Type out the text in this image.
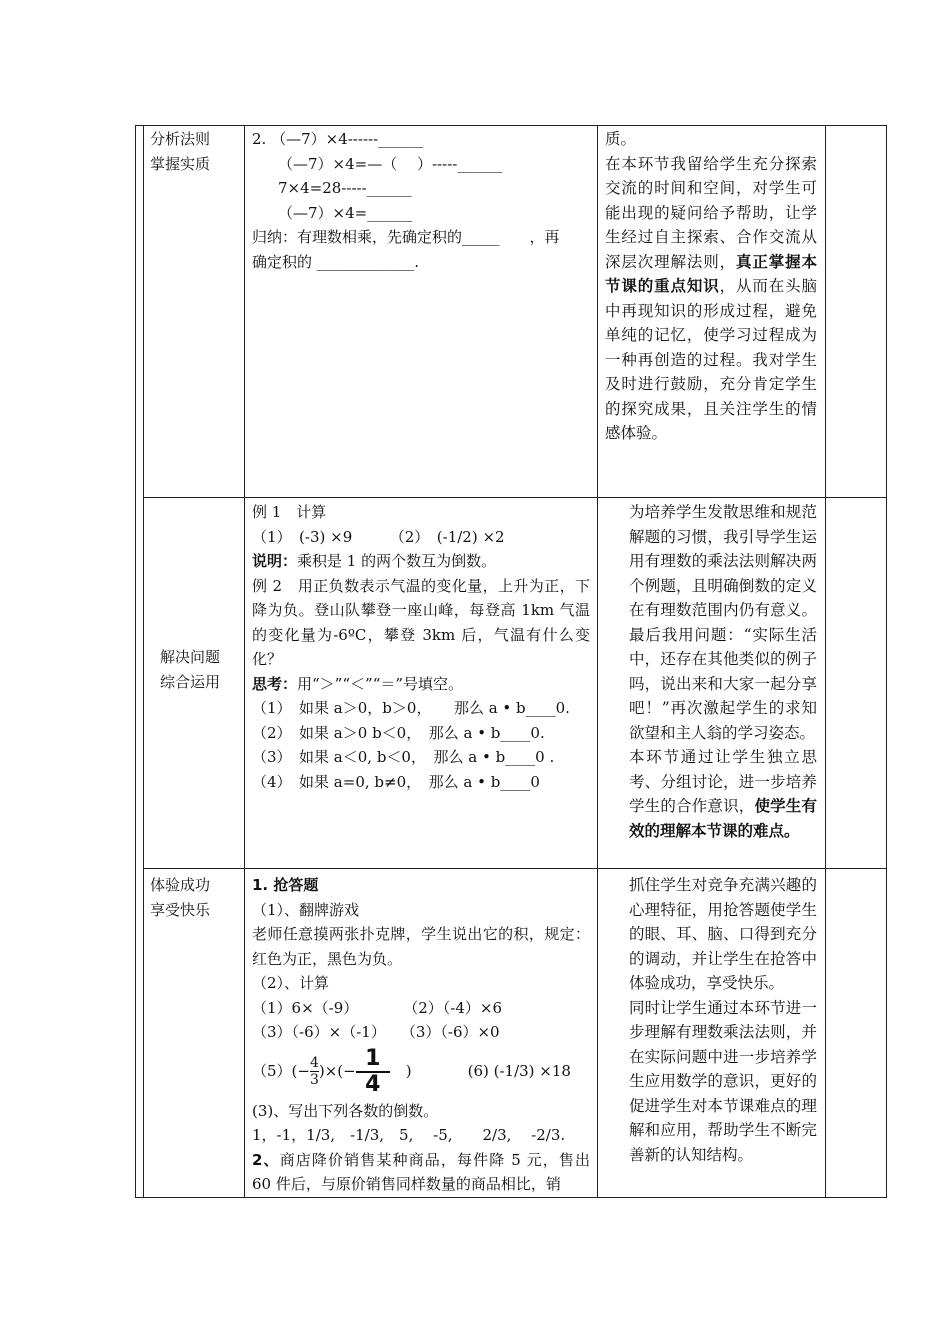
分析法则
掌握实质
2. （—7）×4------______
（—7）×4=—（　 ）-----______
7×4=28-----______
（—7）×4=______
归纳：有理数相乘，先确定积的_____　　，再
确定积的 _____________.
质。
在本环节我留给学生充分探索交流的时间和空间，对学生可能出现的疑问给予帮助，让学生经过自主探索、合作交流从深层次理解法则，真正掌握本节课的重点知识，从而在头脑中再现知识的形成过程，避免单纯的记忆，使学习过程成为一种再创造的过程。我对学生及时进行鼓励，充分肯定学生的探究成果，且关注学生的情感体验。
解决问题
综合运用
例 1　计算
（1）　(-3) ×9　　　（2）　(-1/2) ×2
说明：乘积是 1 的两个数互为倒数。
例 2　用正负数表示气温的变化量，上升为正，下降为负。登山队攀登一座山峰，每登高 1km 气温的变化量为-6ºC，攀登 3km 后，气温有什么变化？
思考：用“＞”“＜”“＝”号填空。
（1）　如果 a＞0，b＞0，　　那么 a • b____0.
（2）　如果 a＞0 b＜0，　那么 a • b____0.
（3）　如果 a＜0, b＜0，　那么 a • b____0 .
（4）　如果 a=0, b≠0，　那么 a • b____0
为培养学生发散思维和规范解题的习惯，我引导学生运用有理数的乘法法则解决两个例题，且明确倒数的定义在有理数范围内仍有意义。最后我用问题：“实际生活中，还存在其他类似的例子吗，说出来和大家一起分享吧！”再次激起学生的求知欲望和主人翁的学习姿态。
本环节通过让学生独立思考、分组讨论，进一步培养学生的合作意识，使学生有效的理解本节课的难点。
体验成功
享受快乐
1. 抢答题
（1）、翻牌游戏
老师任意摸两张扑克牌，学生说出它的积，规定：红色为正，黑色为负。
（2）、计算
（1）6×（-9）　　　　（2）（-4）×6
（3）（-6）×（-1）　　（3）（-6）×0
$(5)(- \frac{4}{3}$ )×(−
1
4
)	(6) (-1/3) ×18
(3)、写出下列各数的倒数。
1，-1，1/3,　-1/3,　5,　 -5,　　2/3,　 -2/3.
2、商店降价销售某种商品，每件降 5 元，售出 60 件后，与原价销售同样数量的商品相比，销
抓住学生对竞争充满兴趣的心理特征，用抢答题使学生的眼、耳、脑、口得到充分的调动，并让学生在抢答中体验成功，享受快乐。
同时让学生通过本环节进一步理解有理数乘法法则，并在实际问题中进一步培养学生应用数学的意识，更好的促进学生对本节课难点的理解和应用，帮助学生不断完善新的认知结构。
